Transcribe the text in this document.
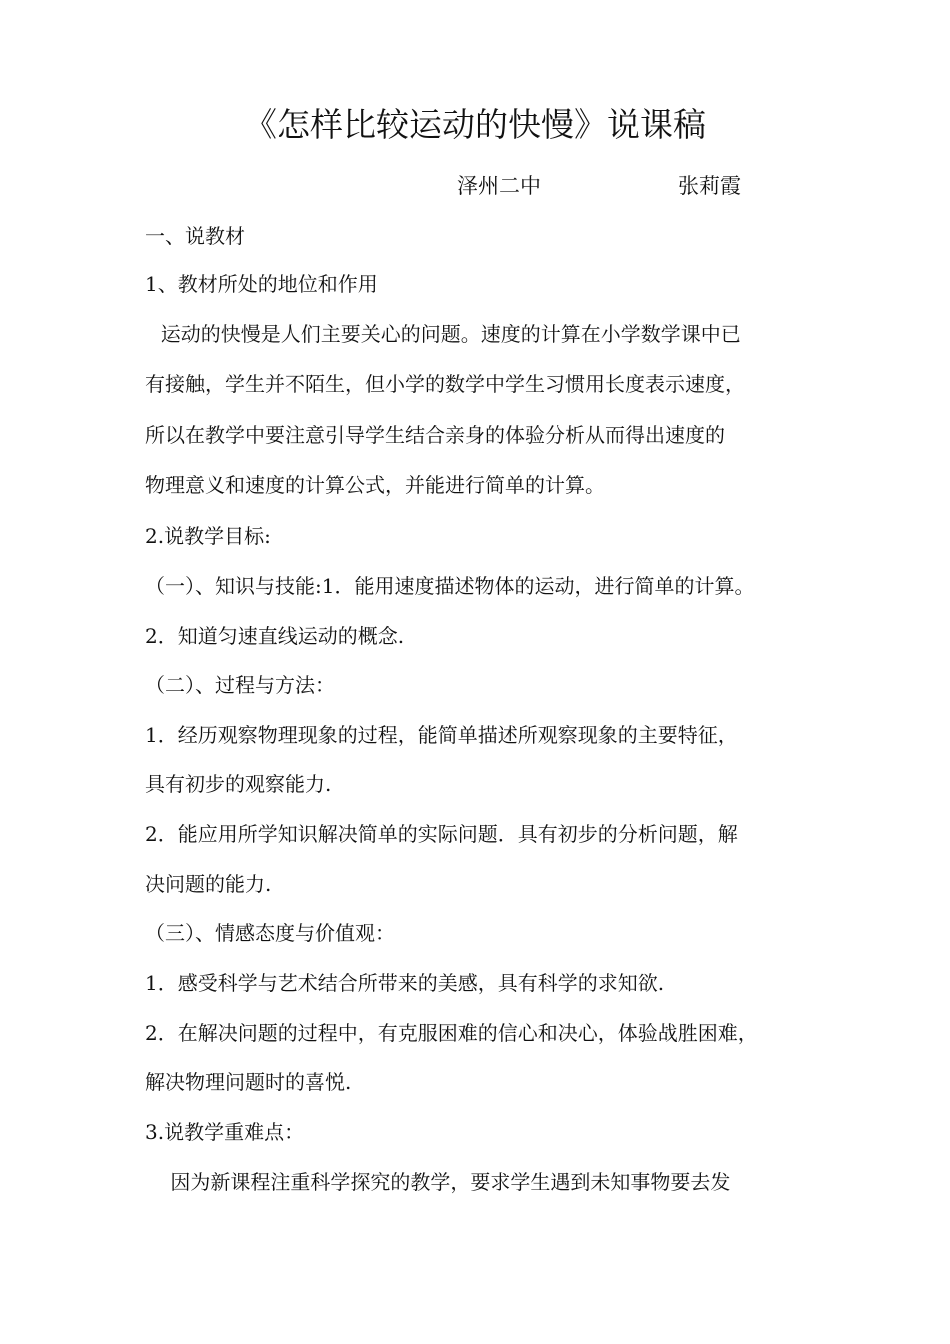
《怎样比较运动的快慢》说课稿
泽州二中	张莉霞
一、说教材
1、教材所处的地位和作用
运动的快慢是人们主要关心的问题。速度的计算在小学数学课中已
有接触，学生并不陌生，但小学的数学中学生习惯用长度表示速度，
所以在教学中要注意引导学生结合亲身的体验分析从而得出速度的
物理意义和速度的计算公式，并能进行简单的计算。
2.说教学目标:
（一）、知识与技能:1．能用速度描述物体的运动，进行简单的计算。
2．知道匀速直线运动的概念.
（二）、过程与方法：
1．经历观察物理现象的过程，能简单描述所观察现象的主要特征，
具有初步的观察能力.
2．能应用所学知识解决简单的实际问题．具有初步的分析问题，解
决问题的能力.
（三）、情感态度与价值观：
1．感受科学与艺术结合所带来的美感，具有科学的求知欲.
2．在解决问题的过程中，有克服困难的信心和决心，体验战胜困难，
解决物理问题时的喜悦.
3.说教学重难点：
因为新课程注重科学探究的教学，要求学生遇到未知事物要去发
